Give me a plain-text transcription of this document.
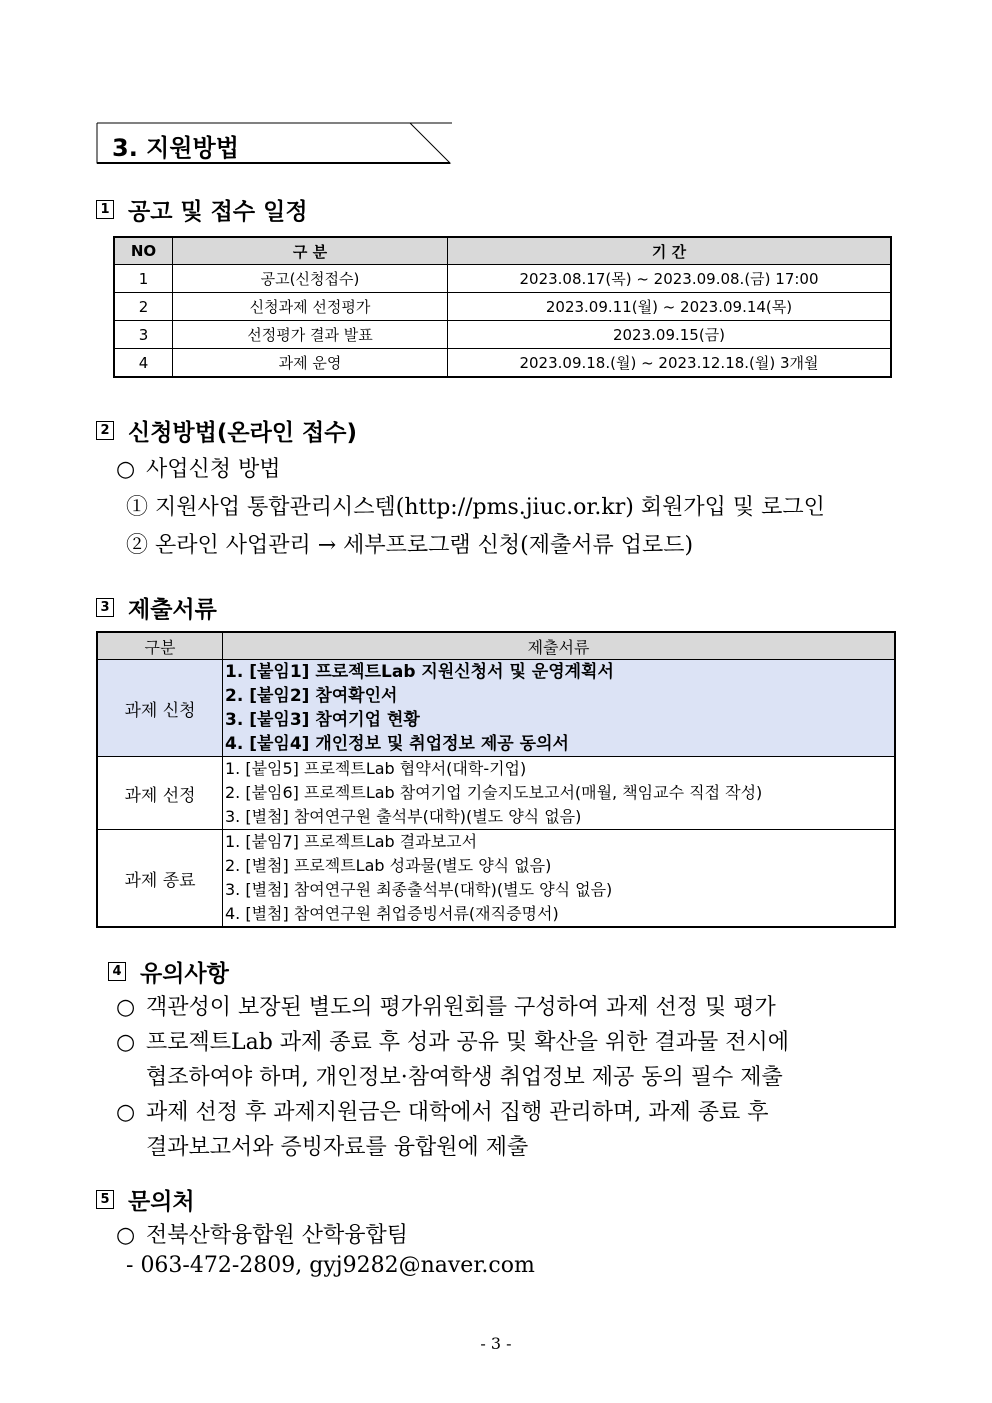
3. 지원방법
1 공고 및 접수 일정
NO	구 분	기 간
1	공고(신청접수)	2023.08.17(목) ~ 2023.09.08.(금) 17:00
2	신청과제 선정평가	2023.09.11(월) ~ 2023.09.14(목)
3	선정평가 결과 발표	2023.09.15(금)
4	과제 운영	2023.09.18.(월) ~ 2023.12.18.(월) 3개월
2 신청방법(온라인 접수)
○ 사업신청 방법
① 지원사업 통합관리시스템(http://pms.jiuc.or.kr) 회원가입 및 로그인
② 온라인 사업관리 → 세부프로그램 신청(제출서류 업로드)
3 제출서류
구분	제출서류
과제 신청	1. [붙임1] 프로젝트Lab 지원신청서 및 운영계획서
2. [붙임2] 참여확인서
3. [붙임3] 참여기업 현황
4. [붙임4] 개인정보 및 취업정보 제공 동의서

과제 선정	1. [붙임5] 프로젝트Lab 협약서(대학-기업)
2. [붙임6] 프로젝트Lab 참여기업 기술지도보고서(매월, 책임교수 직접 작성)
3. [별첨] 참여연구원 출석부(대학)(별도 양식 없음)

과제 종료	1. [붙임7] 프로젝트Lab 결과보고서
2. [별첨] 프로젝트Lab 성과물(별도 양식 없음)
3. [별첨] 참여연구원 최종출석부(대학)(별도 양식 없음)
4. [별첨] 참여연구원 취업증빙서류(재직증명서)
4 유의사항
○ 객관성이 보장된 별도의 평가위원회를 구성하여 과제 선정 및 평가
○ 프로젝트Lab 과제 종료 후 성과 공유 및 확산을 위한 결과물 전시에
협조하여야 하며, 개인정보·참여학생 취업정보 제공 동의 필수 제출
○ 과제 선정 후 과제지원금은 대학에서 집행 관리하며, 과제 종료 후
결과보고서와 증빙자료를 융합원에 제출
5 문의처
○ 전북산학융합원 산학융합팀
- 063-472-2809, gyj9282@naver.com
- 3 -
